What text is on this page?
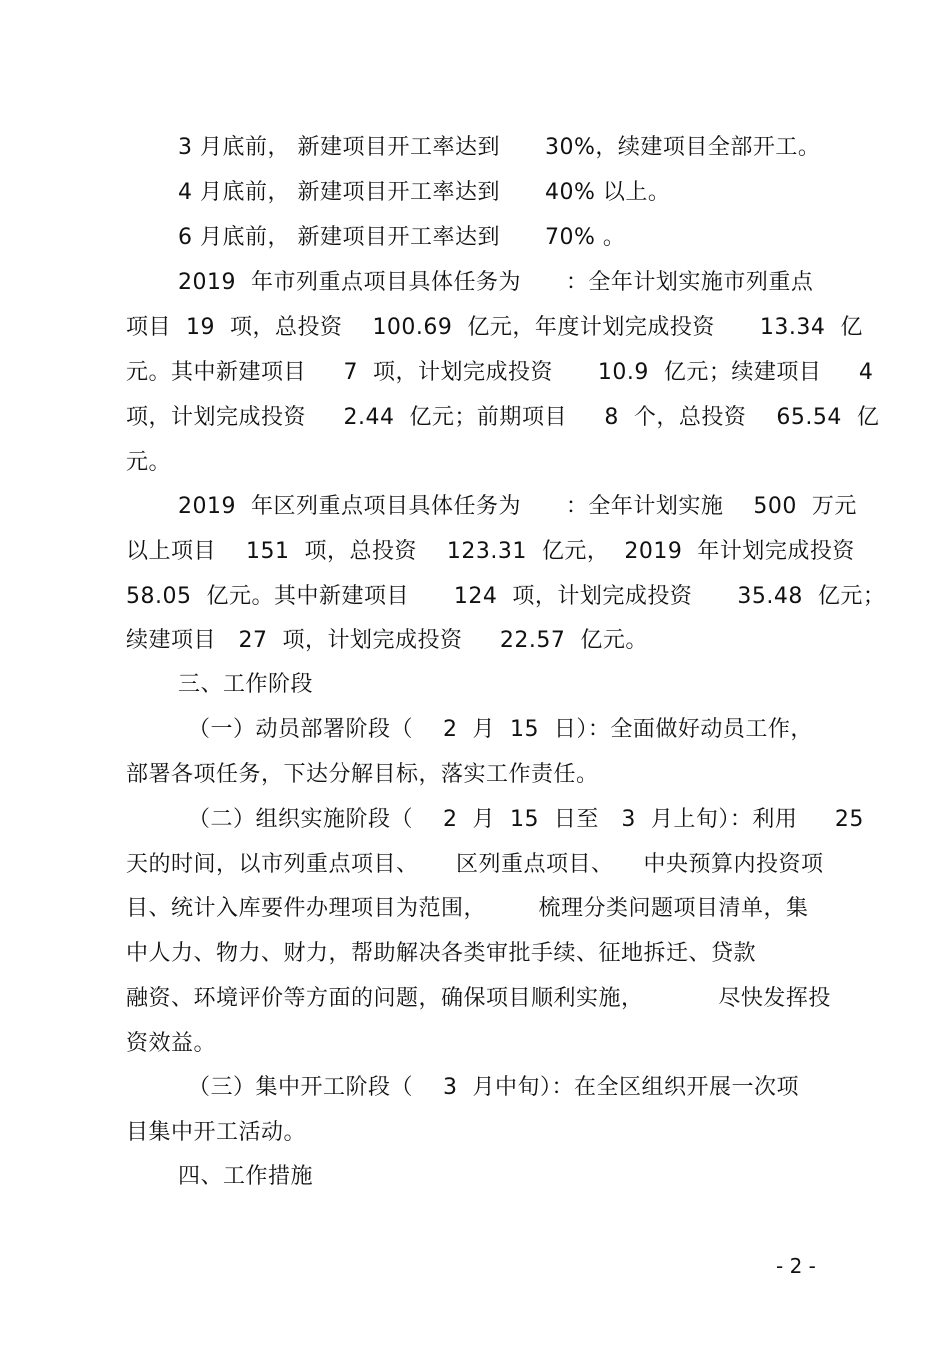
3 月底前， 新建项目开工率达到      30%，续建项目全部开工。
4 月底前， 新建项目开工率达到      40% 以上。
6 月底前， 新建项目开工率达到      70% 。
2019  年市列重点项目具体任务为      ：全年计划实施市列重点
项目  19  项，总投资    100.69  亿元，年度计划完成投资      13.34  亿
元。其中新建项目     7  项，计划完成投资      10.9  亿元；续建项目     4
项，计划完成投资     2.44  亿元；前期项目     8  个，总投资    65.54  亿
元。
2019  年区列重点项目具体任务为      ：全年计划实施    500  万元
以上项目    151  项，总投资    123.31  亿元，  2019  年计划完成投资
58.05  亿元。其中新建项目      124  项，计划完成投资      35.48  亿元；
续建项目   27  项，计划完成投资     22.57  亿元。
三、工作阶段
（一）动员部署阶段（    2  月  15  日）：全面做好动员工作，
部署各项任务，下达分解目标，落实工作责任。
（二）组织实施阶段（    2  月  15  日至   3  月上旬）：利用     25
天的时间，以市列重点项目、     区列重点项目、    中央预算内投资项
目、统计入库要件办理项目为范围，       梳理分类问题项目清单，集
中人力、物力、财力，帮助解决各类审批手续、征地拆迁、贷款
融资、环境评价等方面的问题，确保项目顺利实施，          尽快发挥投
资效益。
（三）集中开工阶段（    3  月中旬）：在全区组织开展一次项
目集中开工活动。
四、工作措施
- 2 -
